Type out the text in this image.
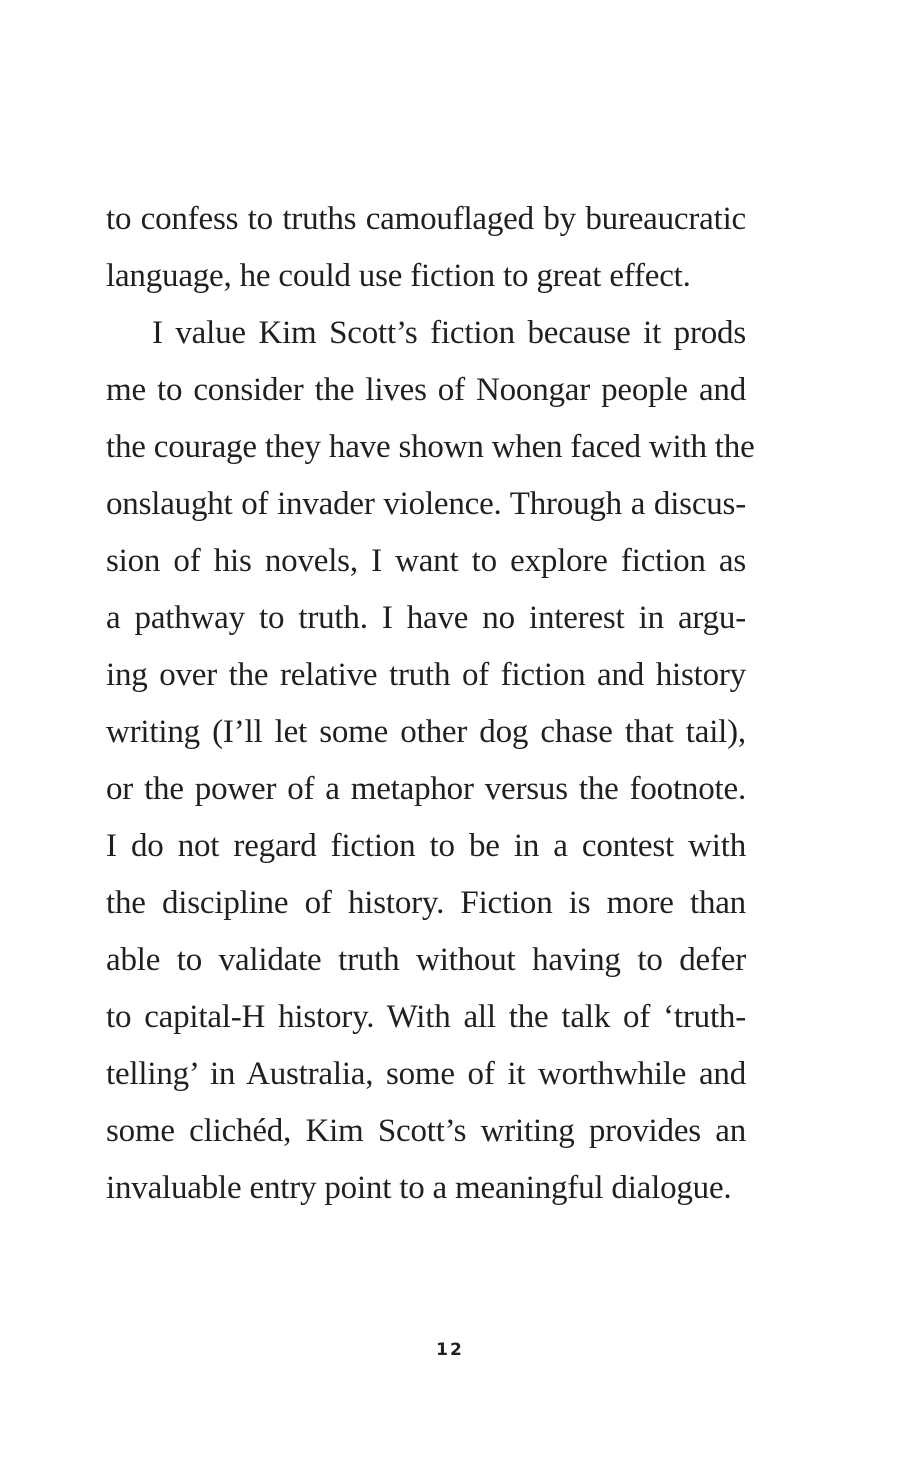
to confess to truths camouflaged by bureaucratic
language, he could use fiction to great effect.

I value Kim Scott’s fiction because it prods
me to consider the lives of Noongar people and
the courage they have shown when faced with the
onslaught of invader violence. Through a discus-
sion of his novels, I want to explore fiction as
a pathway to truth. I have no interest in argu-
ing over the relative truth of fiction and history
writing (I’ll let some other dog chase that tail),
or the power of a metaphor versus the footnote.
I do not regard fiction to be in a contest with
the discipline of history. Fiction is more than
able to validate truth without having to defer
to capital-H history. With all the talk of ‘truth-
telling’ in Australia, some of it worthwhile and
some clichéd, Kim Scott’s writing provides an
invaluable entry point to a meaningful dialogue.

12
